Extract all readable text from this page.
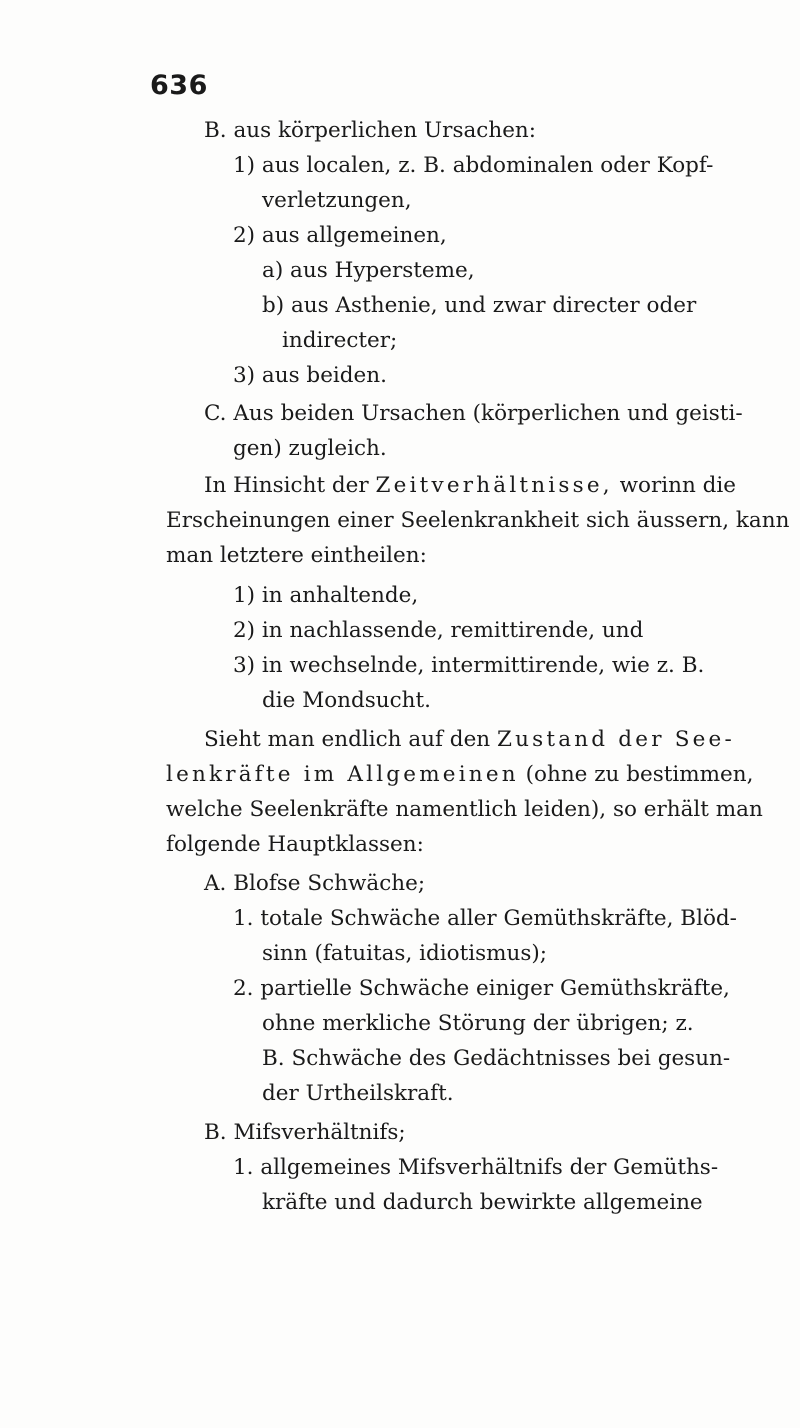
636
B. aus körperlichen Ursachen:
1) aus localen, z. B. abdominalen oder Kopf-
verletzungen,
2) aus allgemeinen,
a) aus Hypersteme,
b) aus Asthenie, und zwar directer oder
indirecter;
3) aus beiden.
C. Aus beiden Ursachen (körperlichen und geisti-
gen) zugleich.
In Hinsicht der Zeitverhältnisse, worinn die
Erscheinungen einer Seelenkrankheit sich äussern, kann
man letztere eintheilen:
1) in anhaltende,
2) in nachlassende, remittirende, und
3) in wechselnde, intermittirende, wie z. B.
die Mondsucht.
Sieht man endlich auf den Zustand der See-
lenkräfte im Allgemeinen (ohne zu bestimmen,
welche Seelenkräfte namentlich leiden), so erhält man
folgende Hauptklassen:
A. Blofse Schwäche;
1. totale Schwäche aller Gemüthskräfte, Blöd-
sinn (fatuitas, idiotismus);
2. partielle Schwäche einiger Gemüthskräfte,
ohne merkliche Störung der übrigen; z.
B. Schwäche des Gedächtnisses bei gesun-
der Urtheilskraft.
B. Mifsverhältnifs;
1. allgemeines Mifsverhältnifs der Gemüths-
kräfte und dadurch bewirkte allgemeine
